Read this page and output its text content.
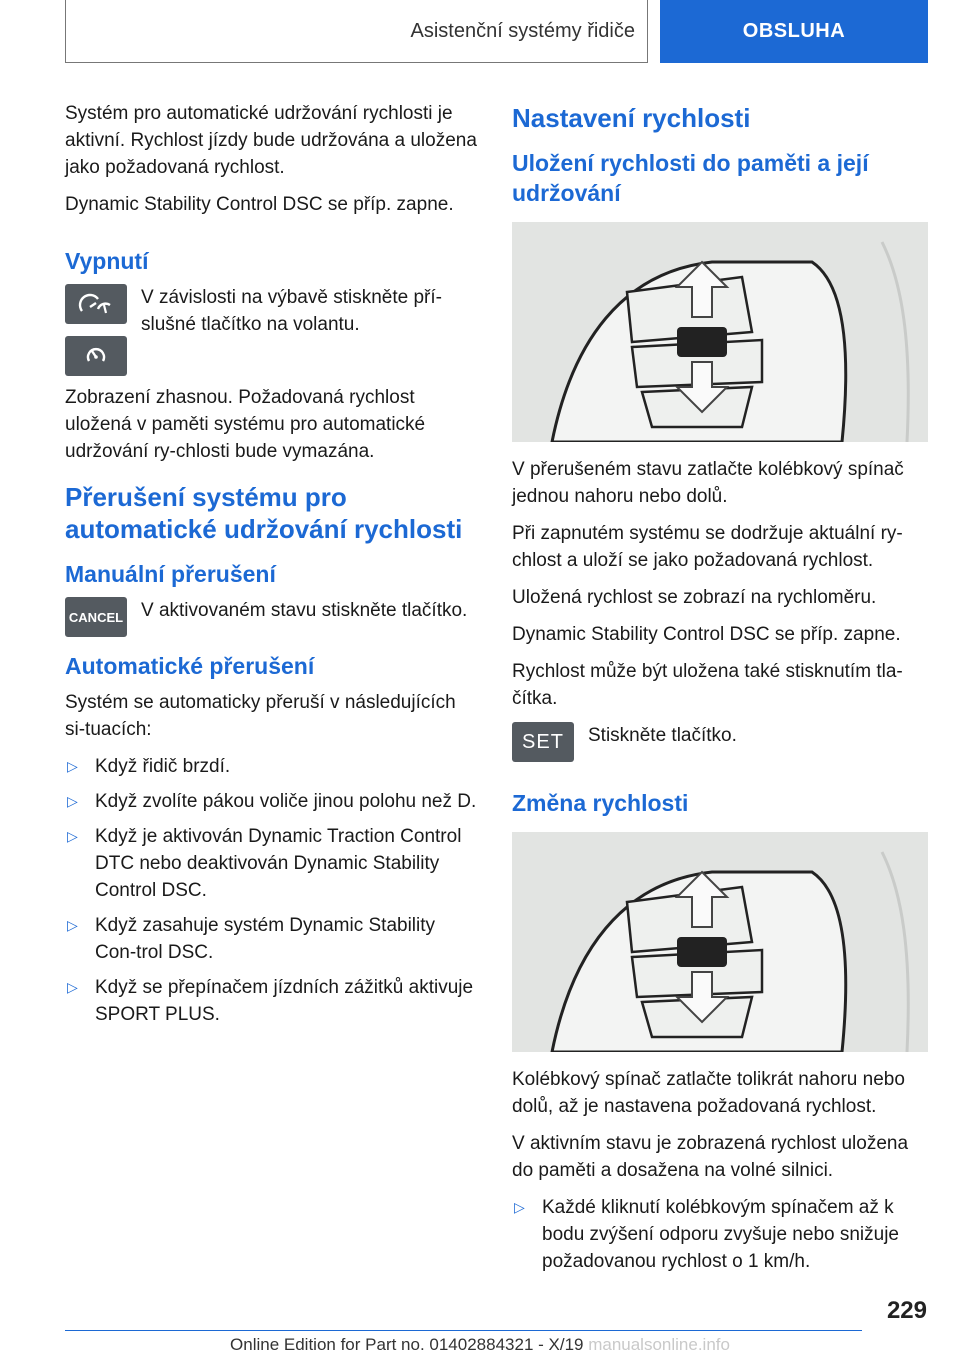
Asistenční systémy řidiče	OBSLUHA

Systém pro automatické udržování rychlosti je aktivní. Rychlost jízdy bude udržována a uložena jako požadovaná rychlost.

Dynamic Stability Control DSC se příp. zapne.

Vypnutí

V závislosti na výbavě stiskněte pří-slušné tlačítko na volantu.

Zobrazení zhasnou. Požadovaná rychlost uložená v paměti systému pro automatické udržování ry-chlosti bude vymazána.

Přerušení systému pro automatické udržování rychlosti
Manuální přerušení
CANCEL V aktivovaném stavu stiskněte tlačítko.

Automatické přerušení

Systém se automaticky přeruší v následujících si-tuacích:

▷ Když řidič brzdí.
▷ Když zvolíte pákou voliče jinou polohu než D.
▷ Když je aktivován Dynamic Traction Control DTC nebo deaktivován Dynamic Stability Control DSC.
▷ Když zasahuje systém Dynamic Stability Con-trol DSC.
▷ Když se přepínačem jízdních zážitků aktivuje SPORT PLUS.
Nastavení rychlosti
Uložení rychlosti do paměti a její udržování

V přerušeném stavu zatlačte kolébkový spínač jednou nahoru nebo dolů.

Při zapnutém systému se dodržuje aktuální ry-chlost a uloží se jako požadovaná rychlost.

Uložená rychlost se zobrazí na rychloměru.

Dynamic Stability Control DSC se příp. zapne.

Rychlost může být uložena také stisknutím tla-čítka.

SET	Stiskněte tlačítko.

Změna rychlosti

Kolébkový spínač zatlačte tolikrát nahoru nebo dolů, až je nastavena požadovaná rychlost.

V aktivním stavu je zobrazená rychlost uložena do paměti a dosažena na volné silnici.

▷ Každé kliknutí kolébkovým spínačem až k bodu zvýšení odporu zvyšuje nebo snižuje požadovanou rychlost o 1 km/h.
229
Online Edition for Part no. 01402884321 - X/19 manualsonline.info
